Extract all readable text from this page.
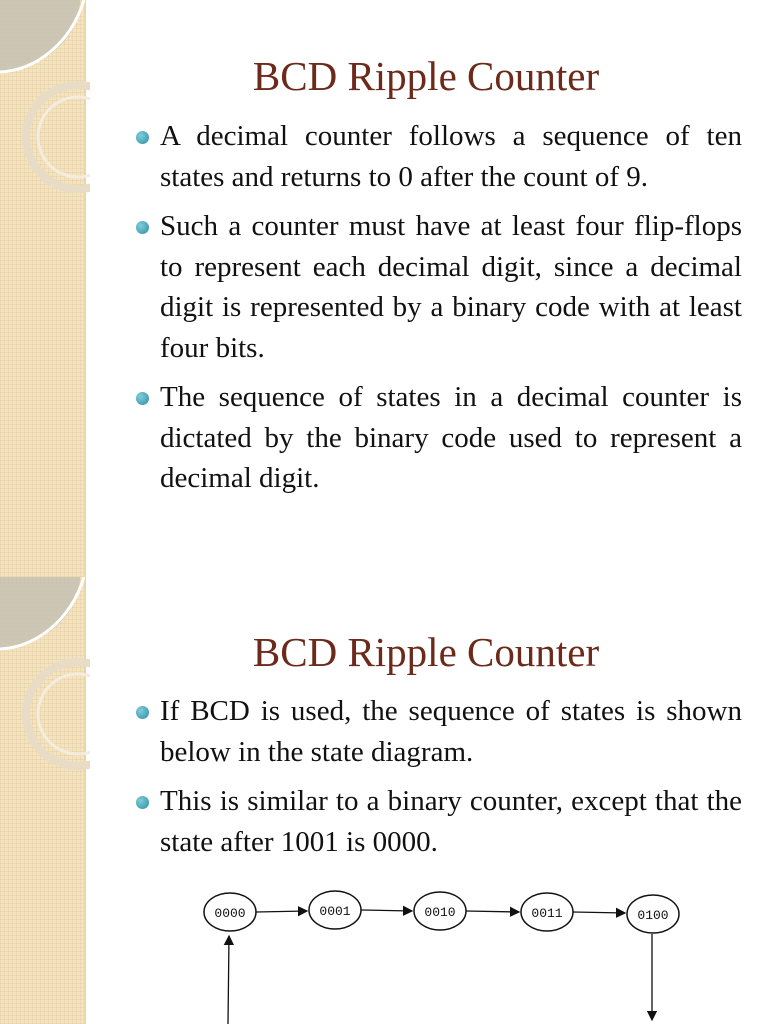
BCD Ripple Counter
A decimal counter follows a sequence of ten states and returns to 0 after the count of 9.
Such a counter must have at least four flip-flops to represent each decimal digit, since a decimal digit is represented by a binary code with at least four bits.
The sequence of states in a decimal counter is dictated by the binary code used to represent a decimal digit.
BCD Ripple Counter
If BCD is used, the sequence of states is shown below in the state diagram.
This is similar to a binary counter, except that the state after 1001 is 0000.
0000	0001	0010	0011	0100
